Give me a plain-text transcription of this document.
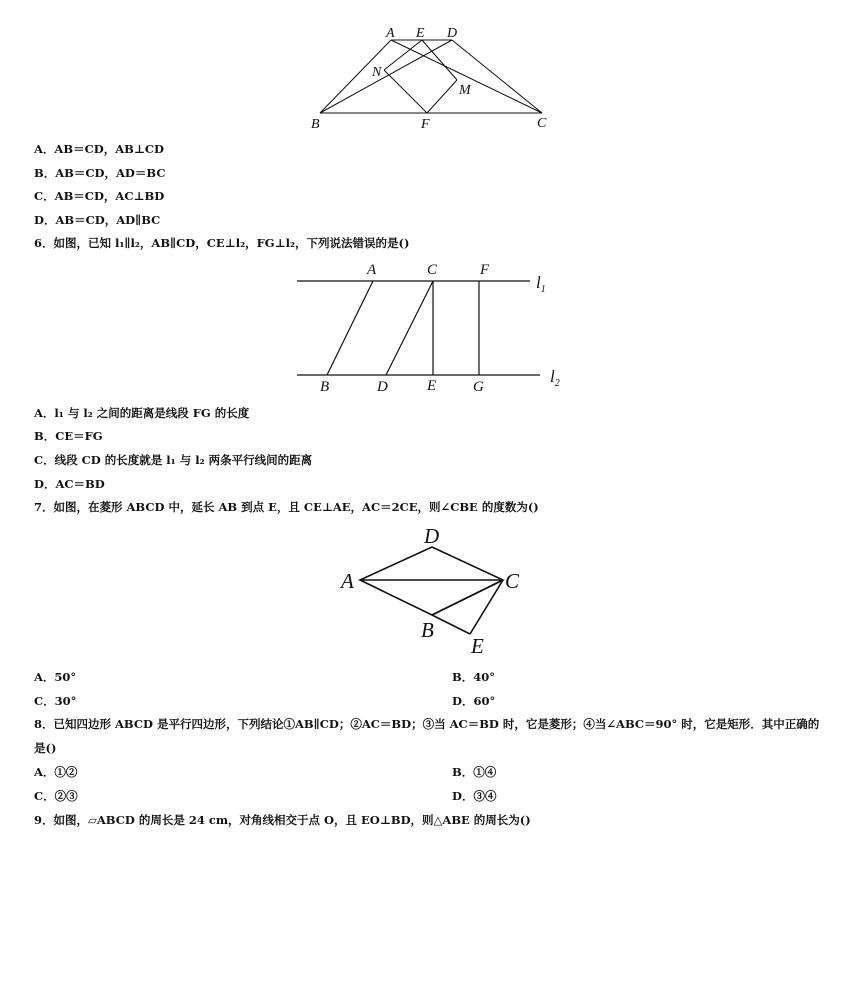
A E D
N
M
B	F	C
A．AB＝CD，AB⊥CD
B．AB＝CD，AD＝BC
C．AB＝CD，AC⊥BD
D．AB＝CD，AD∥BC
6．如图，已知 l₁∥l₂，AB∥CD，CE⊥l₂，FG⊥l₂，下列说法错误的是()
A	C	F
$l_1$
B	D	E G
$l_2$
A．l₁ 与 l₂ 之间的距离是线段 FG 的长度
B．CE＝FG
C．线段 CD 的长度就是 l₁ 与 l₂ 两条平行线间的距离
D．AC＝BD
7．如图，在菱形 ABCD 中，延长 AB 到点 E，且 CE⊥AE，AC＝2CE，则∠CBE 的度数为()
D
A	C
B
E
A．50°	B．40°
C．30°	D．60°
8．已知四边形 ABCD 是平行四边形，下列结论①AB∥CD；②AC＝BD；③当 AC＝BD 时，它是菱形；④当∠ABC＝90° 时，它是矩形．其中正确的
是()
A．①②	B．①④
C．②③	D．③④
9．如图，▱ABCD 的周长是 24 cm，对角线相交于点 O，且 EO⊥BD，则△ABE 的周长为()
